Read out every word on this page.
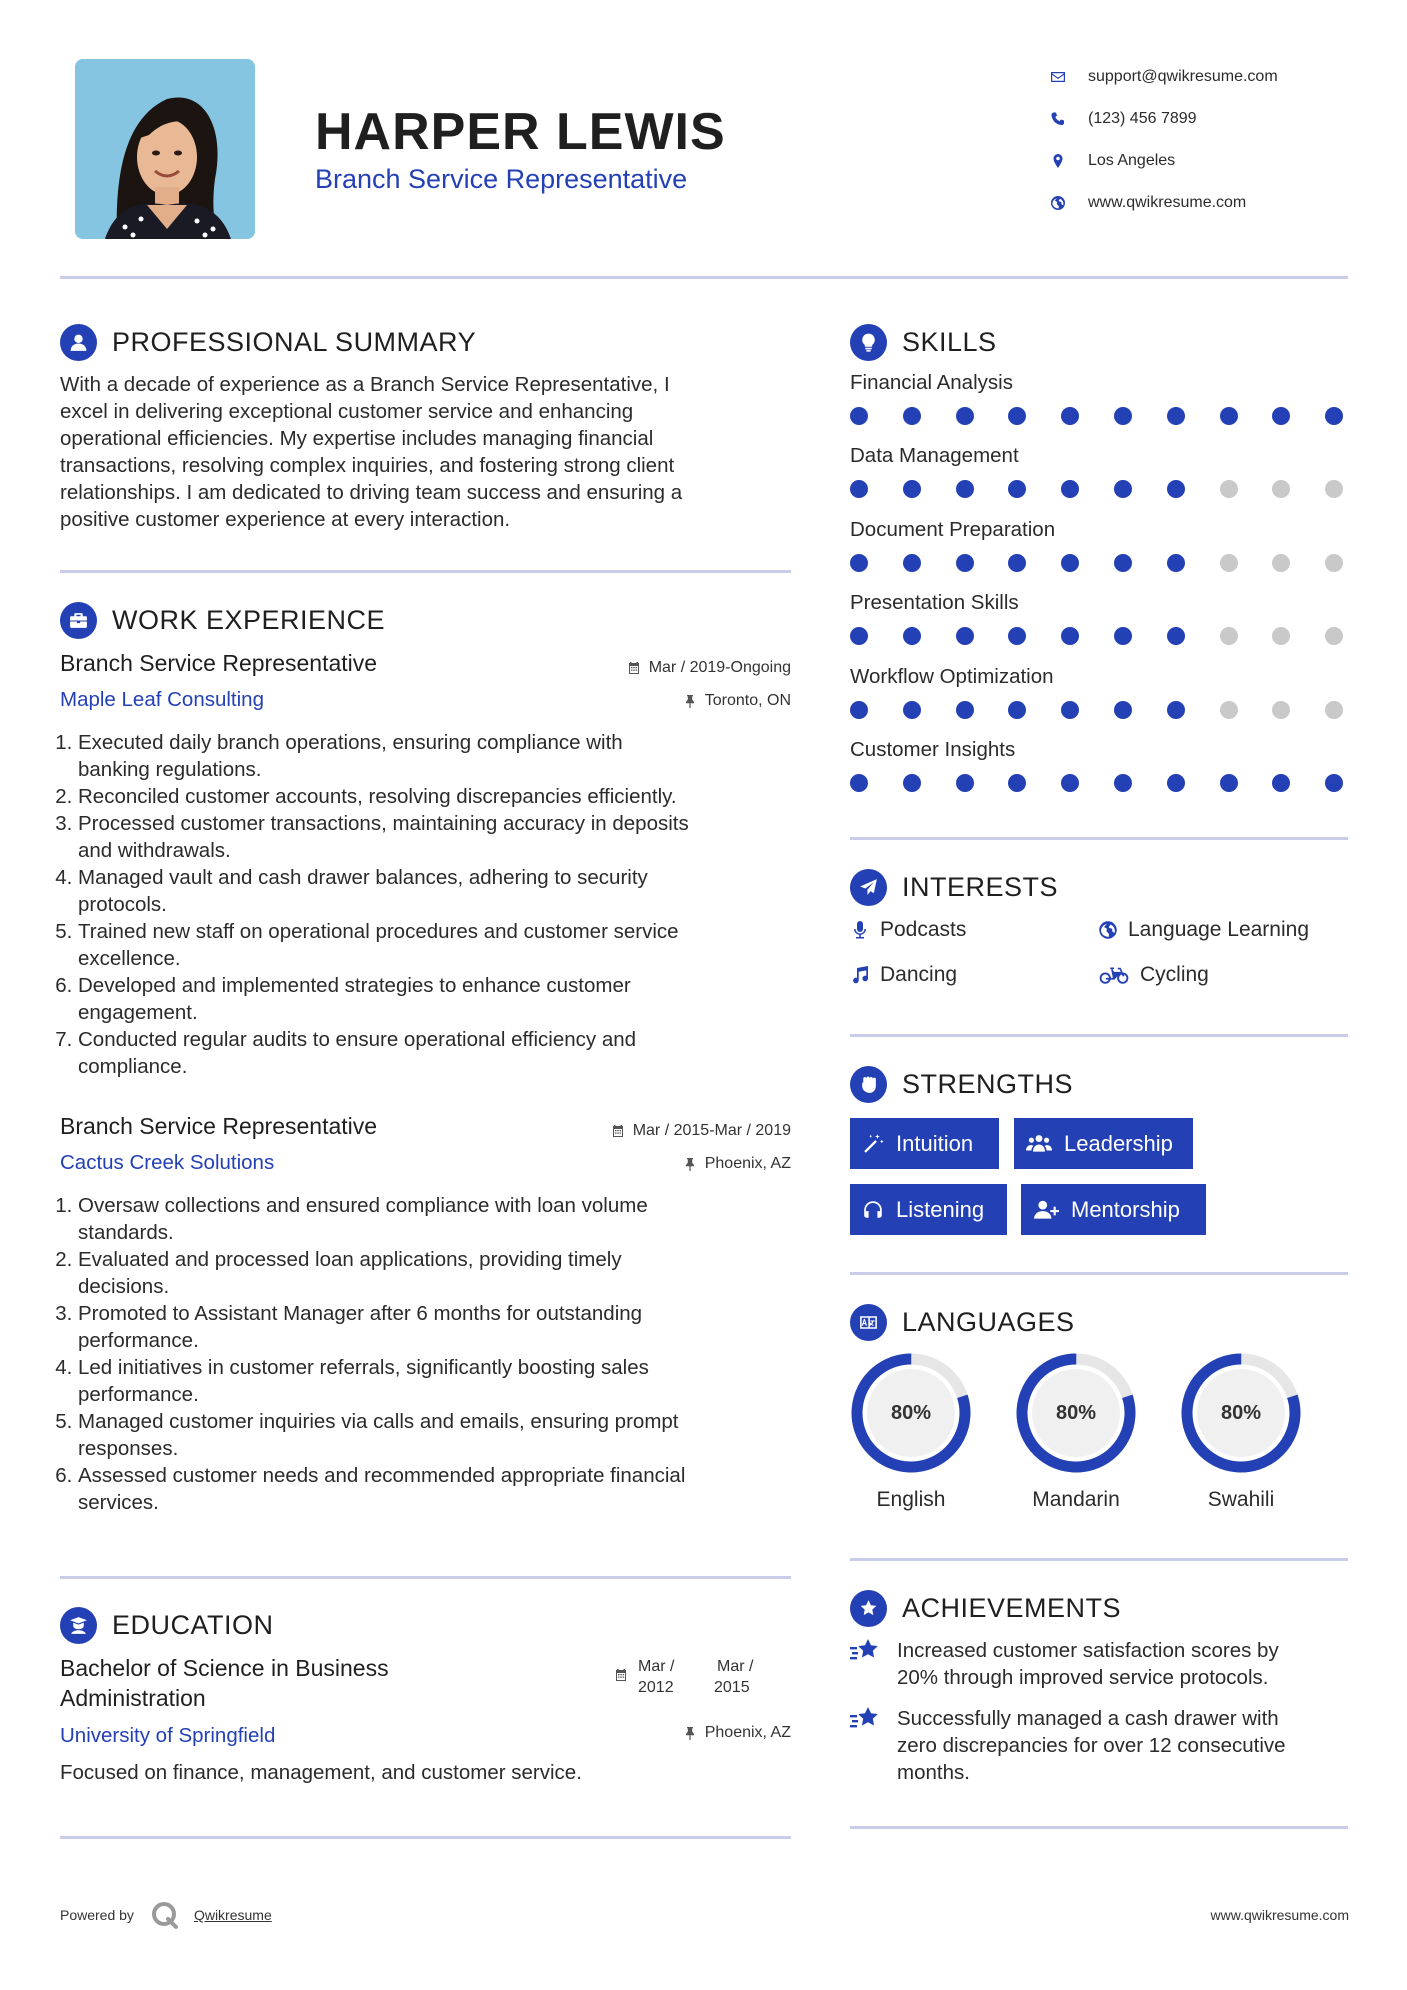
HARPER LEWIS
Branch Service Representative
support@qwikresume.com
(123) 456 7899
Los Angeles
www.qwikresume.com
PROFESSIONAL SUMMARY
With a decade of experience as a Branch Service Representative, I
excel in delivering exceptional customer service and enhancing
operational efficiencies. My expertise includes managing financial
transactions, resolving complex inquiries, and fostering strong client
relationships. I am dedicated to driving team success and ensuring a
positive customer experience at every interaction.
WORK EXPERIENCE
Branch Service Representative
Maple Leaf Consulting
Mar / 2019-Ongoing
Toronto, ON
1. Executed daily branch operations, ensuring compliance with
banking regulations.
2. Reconciled customer accounts, resolving discrepancies efficiently.
3. Processed customer transactions, maintaining accuracy in deposits
and withdrawals.
4. Managed vault and cash drawer balances, adhering to security
protocols.
5. Trained new staff on operational procedures and customer service
excellence.
6. Developed and implemented strategies to enhance customer
engagement.
7. Conducted regular audits to ensure operational efficiency and
compliance.
Branch Service Representative
Cactus Creek Solutions
Mar / 2015-Mar / 2019
Phoenix, AZ
1. Oversaw collections and ensured compliance with loan volume
standards.
2. Evaluated and processed loan applications, providing timely
decisions.
3. Promoted to Assistant Manager after 6 months for outstanding
performance.
4. Led initiatives in customer referrals, significantly boosting sales
performance.
5. Managed customer inquiries via calls and emails, ensuring prompt
responses.
6. Assessed customer needs and recommended appropriate financial
services.
EDUCATION
Bachelor of Science in Business
Administration
University of Springfield
Mar /
2012
Mar /
2015
Phoenix, AZ
Focused on finance, management, and customer service.
SKILLS
Financial Analysis
Data Management
Document Preparation
Presentation Skills
Workflow Optimization
Customer Insights
INTERESTS
Podcasts	Language Learning
Dancing	Cycling
STRENGTHS
Intuition	Leadership
Listening	Mentorship
LANGUAGES
80%
English
80%
Mandarin
80%
Swahili
ACHIEVEMENTS
Increased customer satisfaction scores by
20% through improved service protocols.
Successfully managed a cash drawer with
zero discrepancies for over 12 consecutive
months.
Powered by	Qwikresume	www.qwikresume.com
